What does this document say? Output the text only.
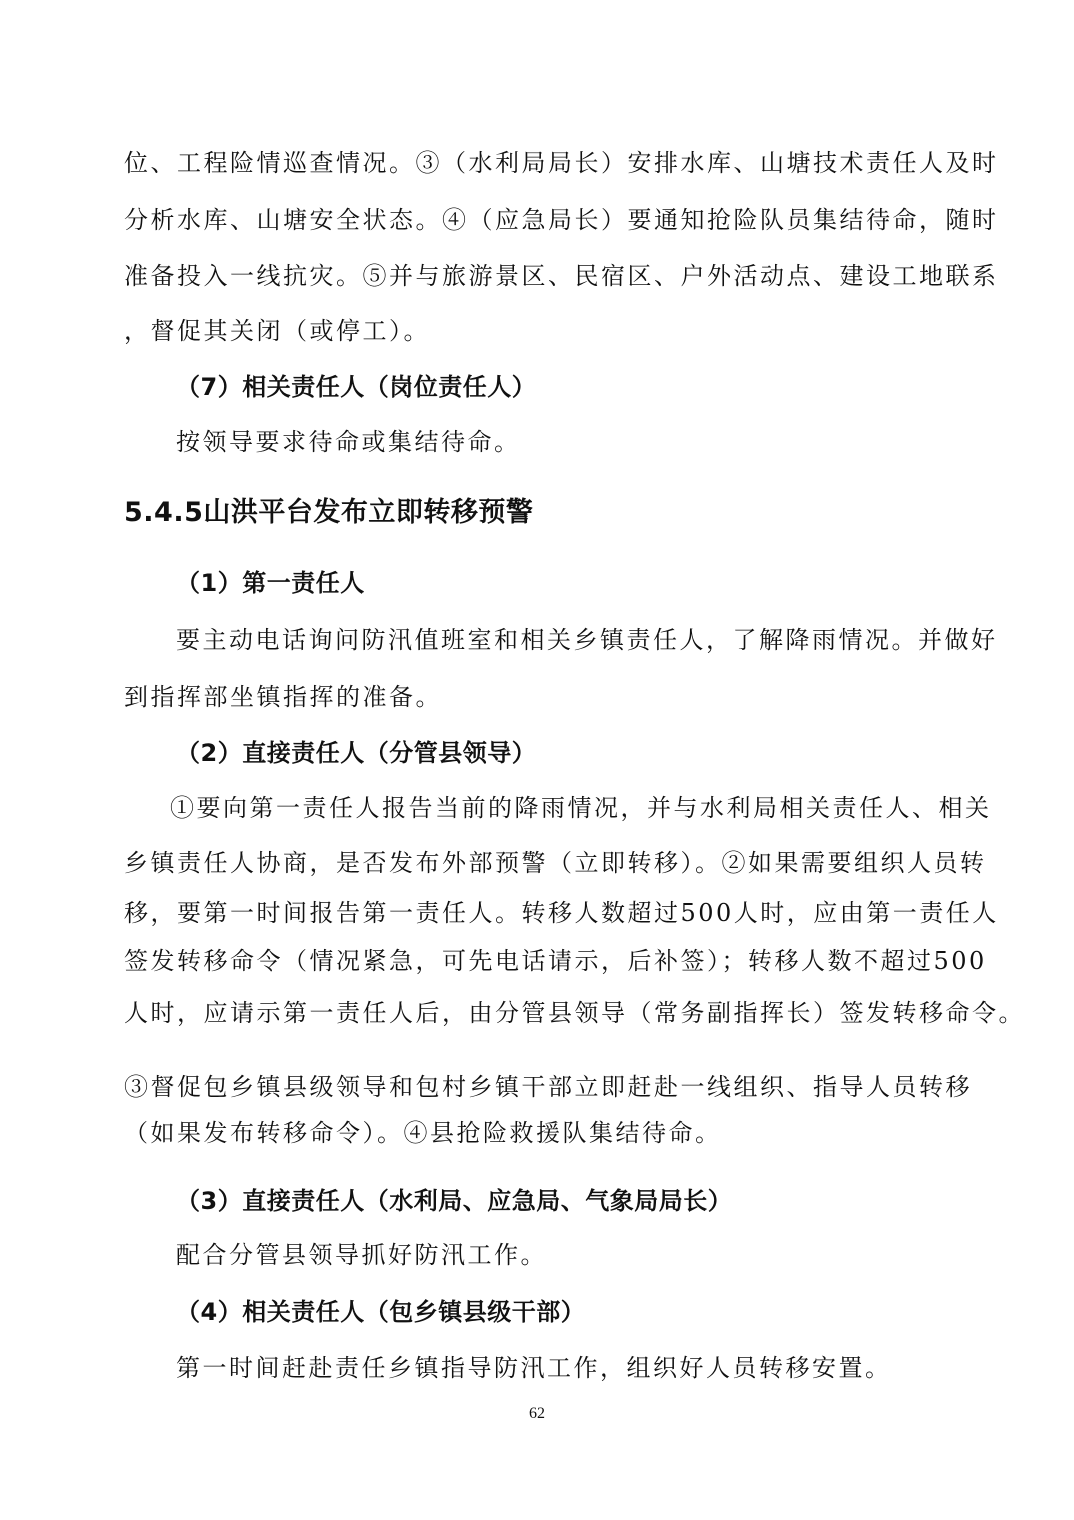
位、工程险情巡查情况。③（水利局局长）安排水库、山塘技术责任人及时
分析水库、山塘安全状态。④（应急局长）要通知抢险队员集结待命，随时
准备投入一线抗灾。⑤并与旅游景区、民宿区、户外活动点、建设工地联系
，督促其关闭（或停工）。
（7）相关责任人（岗位责任人）
按领导要求待命或集结待命。
5.4.5山洪平台发布立即转移预警
（1）第一责任人
要主动电话询问防汛值班室和相关乡镇责任人，了解降雨情况。并做好
到指挥部坐镇指挥的准备。
（2）直接责任人（分管县领导）
①要向第一责任人报告当前的降雨情况，并与水利局相关责任人、相关
乡镇责任人协商，是否发布外部预警（立即转移）。②如果需要组织人员转
移，要第一时间报告第一责任人。转移人数超过500人时，应由第一责任人
签发转移命令（情况紧急，可先电话请示，后补签）；转移人数不超过500
人时，应请示第一责任人后，由分管县领导（常务副指挥长）签发转移命令。
③督促包乡镇县级领导和包村乡镇干部立即赶赴一线组织、指导人员转移
（如果发布转移命令）。④县抢险救援队集结待命。
（3）直接责任人（水利局、应急局、气象局局长）
配合分管县领导抓好防汛工作。
（4）相关责任人（包乡镇县级干部）
第一时间赶赴责任乡镇指导防汛工作，组织好人员转移安置。
62
